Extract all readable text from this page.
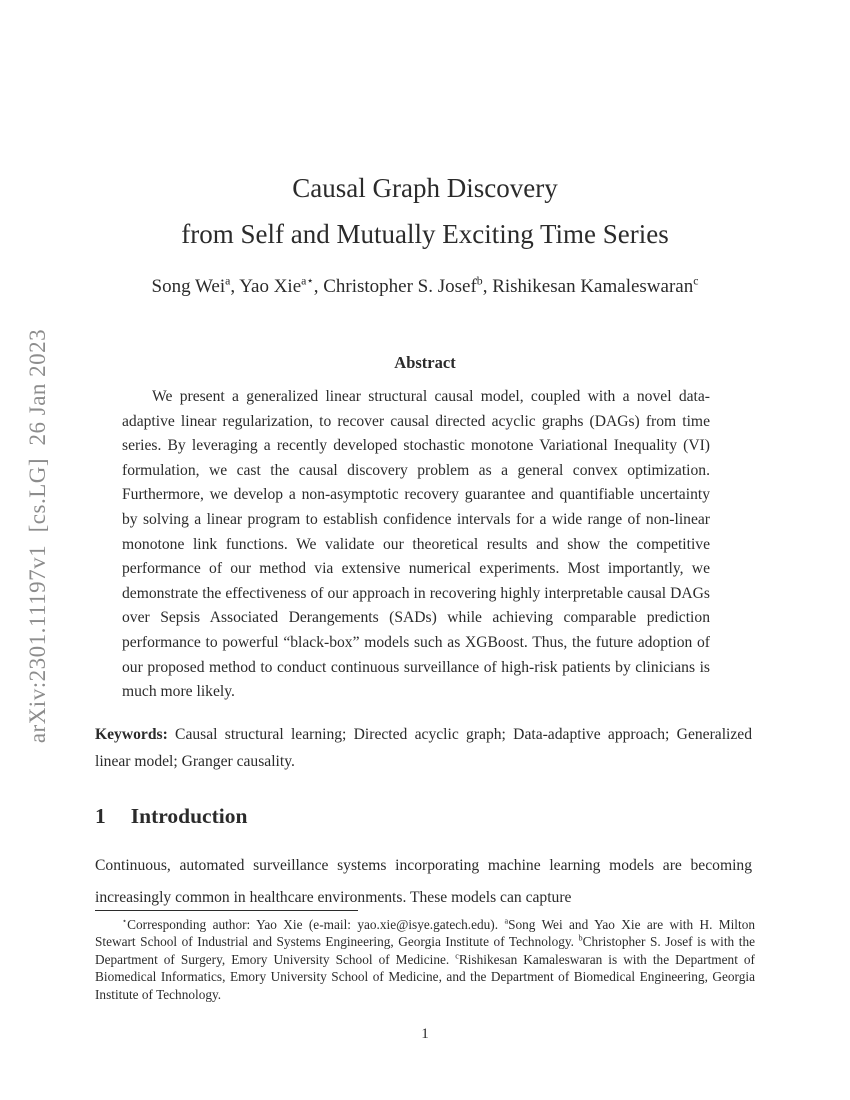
arXiv:2301.11197v1  [cs.LG]  26 Jan 2023
Causal Graph Discovery
from Self and Mutually Exciting Time Series
Song Wei$^a$, Yao Xie$^{a⋆}$, Christopher S. Josef$^b$, Rishikesan Kamaleswaran$^c$
Abstract

We present a generalized linear structural causal model, coupled with a novel data-adaptive linear regularization, to recover causal directed acyclic graphs (DAGs) from time series. By leveraging a recently developed stochastic monotone Variational Inequality (VI) formulation, we cast the causal discovery problem as a general convex optimization. Furthermore, we develop a non-asymptotic recovery guarantee and quantifiable uncertainty by solving a linear program to establish confidence intervals for a wide range of non-linear monotone link functions. We validate our theoretical results and show the competitive performance of our method via extensive numerical experiments. Most importantly, we demonstrate the effectiveness of our approach in recovering highly interpretable causal DAGs over Sepsis Associated Derangements (SADs) while achieving comparable prediction performance to powerful “black-box” models such as XGBoost. Thus, the future adoption of our proposed method to conduct continuous surveillance of high-risk patients by clinicians is much more likely.

Keywords: Causal structural learning; Directed acyclic graph; Data-adaptive approach; Generalized linear model; Granger causality.

1 Introduction

Continuous, automated surveillance systems incorporating machine learning models are becoming increasingly common in healthcare environments. These models can capture

⋆Corresponding author: Yao Xie (e-mail: yao.xie@isye.gatech.edu). $^a$Song Wei and Yao Xie are with H. Milton Stewart School of Industrial and Systems Engineering, Georgia Institute of Technology. $^b$Christopher S. Josef is with the Department of Surgery, Emory University School of Medicine. $^c$Rishikesan Kamaleswaran is with the Department of Biomedical Informatics, Emory University School of Medicine, and the Department of Biomedical Engineering, Georgia Institute of Technology.

1
